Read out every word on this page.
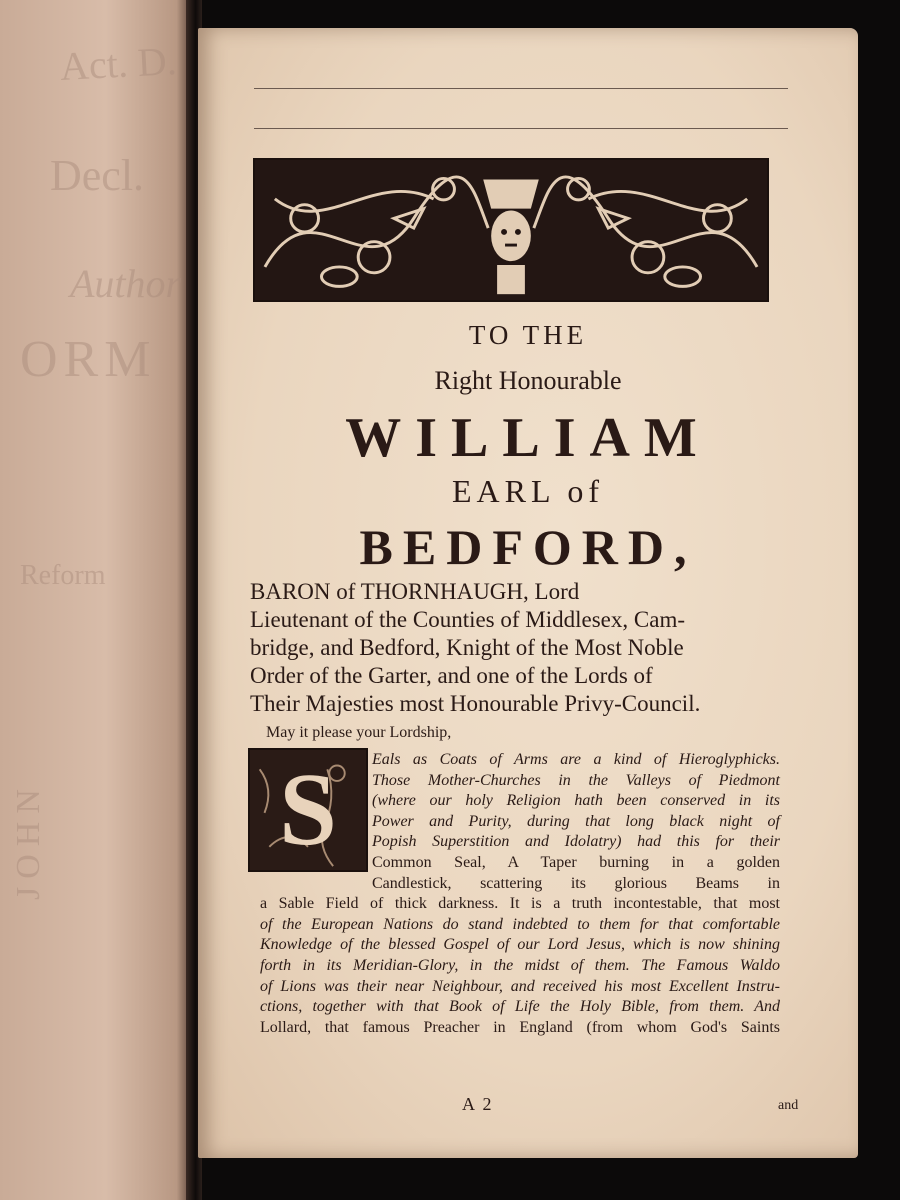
Act. D.
Decl.
ORM
Author
Reform
JOHN
TO THE
Right Honourable
WILLIAM
EARL of
BEDFORD,
BARON of THORNHAUGH, Lord
Lieutenant of the Counties of Middlesex, Cam-
bridge, and Bedford, Knight of the Most Noble
Order of the Garter, and one of the Lords of
Their Majesties most Honourable Privy-Council.
May it please your Lordship,
S	Eals as Coats of Arms are a kind of Hieroglyphicks.
Those Mother-Churches in the Valleys of Piedmont
(where our holy Religion hath been conserved in its
Power and Purity, during that long black night of
Popish Superstition and Idolatry) had this for their
Common Seal, A Taper burning in a golden
Candlestick, scattering its glorious Beams in
a Sable Field of thick darkness. It is a truth incontestable, that most
of the European Nations do stand indebted to them for that comfortable
Knowledge of the blessed Gospel of our Lord Jesus, which is now shining
forth in its Meridian-Glory, in the midst of them. The Famous Waldo
of Lions was their near Neighbour, and received his most Excellent Instru-
ctions, together with that Book of Life the Holy Bible, from them. And
Lollard, that famous Preacher in England (from whom God's Saints
A 2	and
